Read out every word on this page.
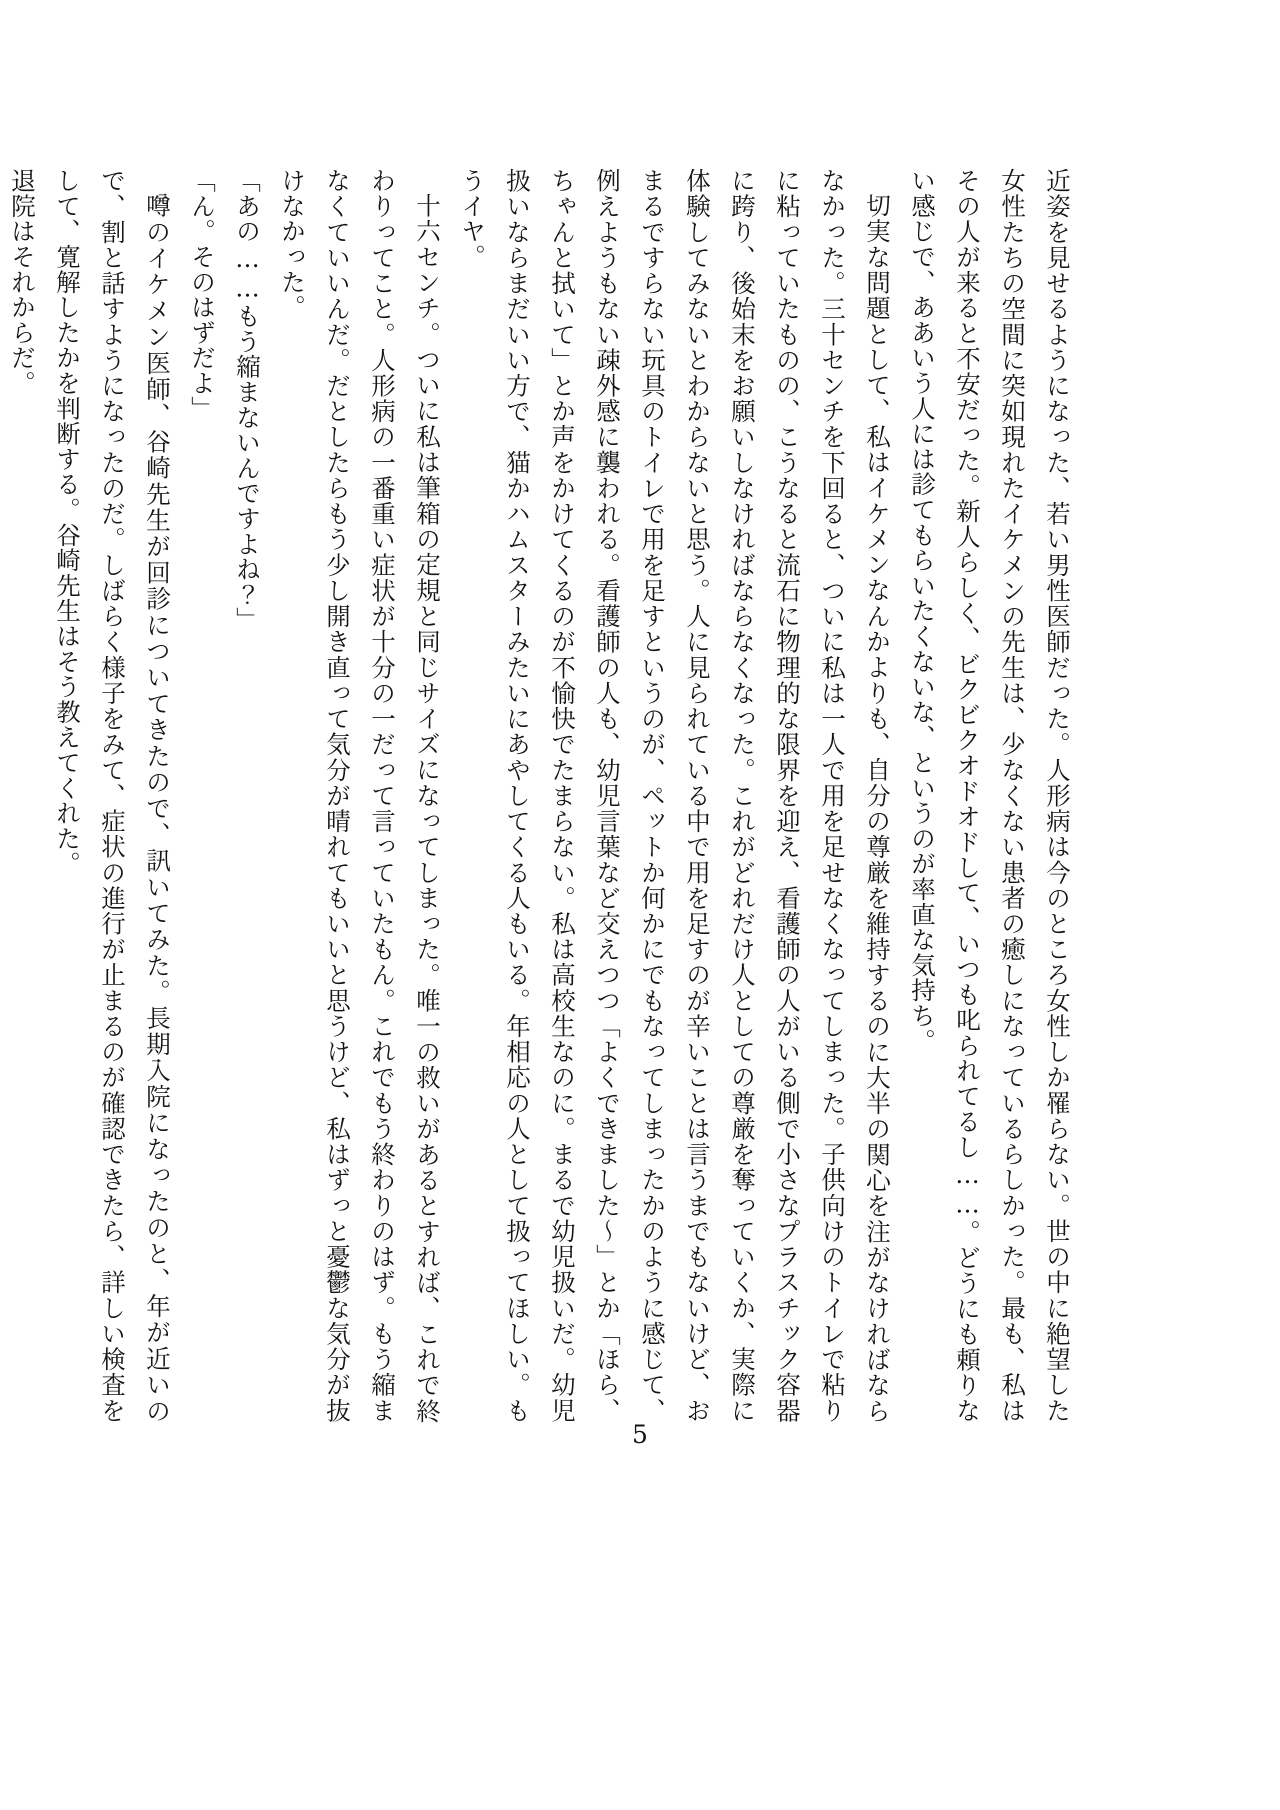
近姿を見せるようになった、若い男性医師だった。人形病は今のところ女性しか罹らない。世の中に絶望した女性たちの空間に突如現れたイケメンの先生は、少なくない患者の癒しになっているらしかった。最も、私はその人が来ると不安だった。新人らしく、ビクビクオドオドして、いつも叱られてるし……。どうにも頼りない感じで、ああいう人には診てもらいたくないな、というのが率直な気持ち。

切実な問題として、私はイケメンなんかよりも、自分の尊厳を維持するのに大半の関心を注がなければならなかった。三十センチを下回ると、ついに私は一人で用を足せなくなってしまった。子供向けのトイレで粘りに粘っていたものの、こうなると流石に物理的な限界を迎え、看護師の人がいる側で小さなプラスチック容器に跨り、後始末をお願いしなければならなくなった。これがどれだけ人としての尊厳を奪っていくか、実際に体験してみないとわからないと思う。人に見られている中で用を足すのが辛いことは言うまでもないけど、おまるですらない玩具のトイレで用を足すというのが、ペットか何かにでもなってしまったかのように感じて、例えようもない疎外感に襲われる。看護師の人も、幼児言葉など交えつつ「よくできました～」とか「ほら、ちゃんと拭いて」とか声をかけてくるのが不愉快でたまらない。私は高校生なのに。まるで幼児扱いだ。幼児扱いならまだいい方で、猫かハムスターみたいにあやしてくる人もいる。年相応の人として扱ってほしい。もうイヤ。

十六センチ。ついに私は筆箱の定規と同じサイズになってしまった。唯一の救いがあるとすれば、これで終わりってこと。人形病の一番重い症状が十分の一だって言っていたもん。これでもう終わりのはず。もう縮まなくていいんだ。だとしたらもう少し開き直って気分が晴れてもいいと思うけど、私はずっと憂鬱な気分が抜けなかった。

「あの……もう縮まないんですよね？」

「ん。そのはずだよ」

噂のイケメン医師、谷崎先生が回診についてきたので、訊いてみた。長期入院になったのと、年が近いので、割と話すようになったのだ。しばらく様子をみて、症状の進行が止まるのが確認できたら、詳しい検査をして、寛解したかを判断する。谷崎先生はそう教えてくれた。

退院はそれからだ。

5
